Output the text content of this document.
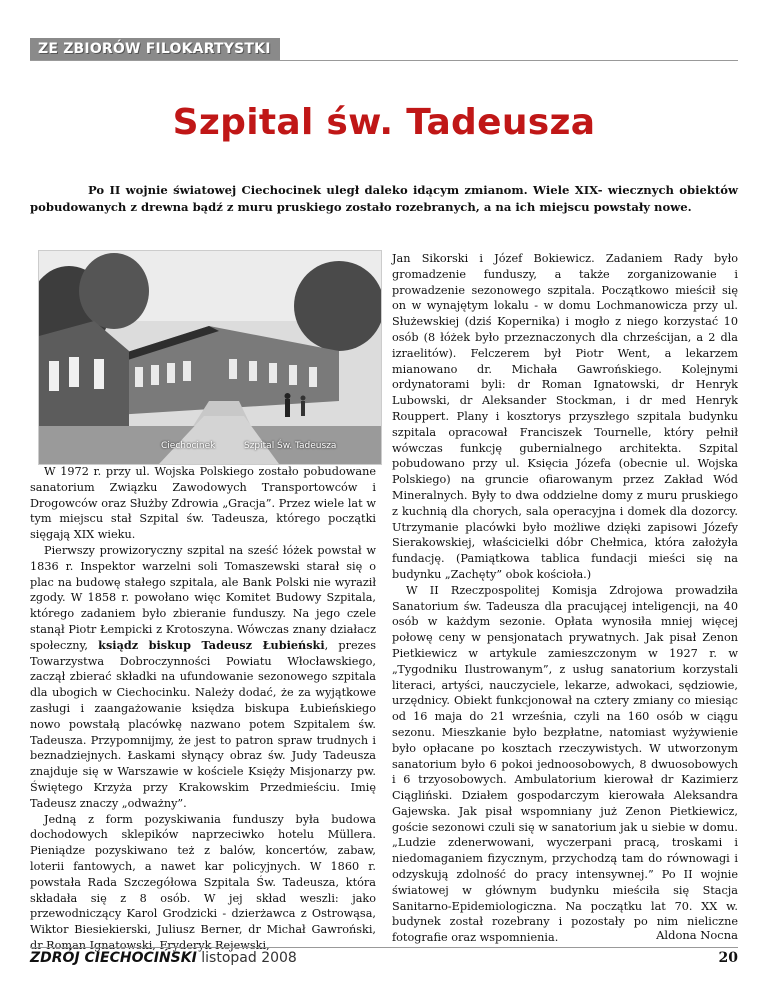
ZE ZBIORÓW FILOKARTYSTKI
Szpital św. Tadeusza

Po II wojnie światowej Ciechocinek uległ daleko idącym zmianom. Wiele XIX- wiecznych obiektów pobudowanych z drewna bądź z muru pruskiego zostało rozebranych, a na ich miejscu powstały nowe.

Ciechocinek	Szpital Św. Tadeusza

W 1972 r. przy ul. Wojska Polskiego zostało pobudowane sanatorium Związku Zawodowych Transportowców i Drogowców oraz Służby Zdrowia „Gracja”. Przez wiele lat w tym miejscu stał Szpital św. Tadeusza, którego początki sięgają XIX wieku.

Pierwszy prowizoryczny szpital na sześć łóżek powstał w 1836 r. Inspektor warzelni soli Tomaszewski starał się o plac na budowę stałego szpitala, ale Bank Polski nie wyraził zgody. W 1858 r. powołano więc Komitet Budowy Szpitala, którego zadaniem było zbieranie funduszy. Na jego czele stanął Piotr Łempicki z Krotoszyna. Wówczas znany działacz społeczny, ksiądz biskup Tadeusz Łubieński, prezes Towarzystwa Dobroczynności Powiatu Włocławskiego, zaczął zbierać składki na ufundowanie sezonowego szpitala dla ubogich w Ciechocinku. Należy dodać, że za wyjątkowe zasługi i zaangażowanie księdza biskupa Łubieńskiego nowo powstałą placówkę nazwano potem Szpitalem św. Tadeusza. Przypomnijmy, że jest to patron spraw trudnych i beznadziejnych. Łaskami słynący obraz św. Judy Tadeusza znajduje się w Warszawie w kościele Księży Misjonarzy pw. Świętego Krzyża przy Krakowskim Przedmieściu. Imię Tadeusz znaczy „odważny”.

Jedną z form pozyskiwania funduszy była budowa dochodowych sklepików naprzeciwko hotelu Müllera. Pieniądze pozyskiwano też z balów, koncertów, zabaw, loterii fantowych, a nawet kar policyjnych. W 1860 r. powstała Rada Szczegółowa Szpitala Św. Tadeusza, która składała się z 8 osób. W jej skład weszli: jako przewodniczący Karol Grodzicki - dzierżawca z Ostrowąsa, Wiktor Biesiekierski, Juliusz Berner, dr Michał Gawroński, dr Roman Ignatowski, Fryderyk Rejewski,

Jan Sikorski i Józef Bokiewicz. Zadaniem Rady było gromadzenie funduszy, a także zorganizowanie i prowadzenie sezonowego szpitala. Początkowo mieścił się on w wynajętym lokalu - w domu Lochmanowicza przy ul. Służewskiej (dziś Kopernika) i mogło z niego korzystać 10 osób (8 łóżek było przeznaczonych dla chrześcijan, a 2 dla izraelitów). Felczerem był Piotr Went, a lekarzem mianowano dr. Michała Gawrońskiego. Kolejnymi ordynatorami byli: dr Roman Ignatowski, dr Henryk Lubowski, dr Aleksander Stockman, i dr med Henryk Rouppert. Plany i kosztorys przyszłego szpitala budynku szpitala opracował Franciszek Tournelle, który pełnił wówczas funkcję gubernialnego architekta. Szpital pobudowano przy ul. Księcia Józefa (obecnie ul. Wojska Polskiego) na gruncie ofiarowanym przez Zakład Wód Mineralnych. Były to dwa oddzielne domy z muru pruskiego z kuchnią dla chorych, sala operacyjna i domek dla dozorcy. Utrzymanie placówki było możliwe dzięki zapisowi Józefy Sierakowskiej, właścicielki dóbr Chełmica, która założyła fundację. (Pamiątkowa tablica fundacji mieści się na budynku „Zachęty” obok kościoła.)

W II Rzeczpospolitej Komisja Zdrojowa prowadziła Sanatorium św. Tadeusza dla pracującej inteligencji, na 40 osób w każdym sezonie. Opłata wynosiła mniej więcej połowę ceny w pensjonatach prywatnych. Jak pisał Zenon Pietkiewicz w artykule zamieszczonym w 1927 r. w „Tygodniku Ilustrowanym”, z usług sanatorium korzystali literaci, artyści, nauczyciele, lekarze, adwokaci, sędziowie, urzędnicy. Obiekt funkcjonował na cztery zmiany co miesiąc od 16 maja do 21 września, czyli na 160 osób w ciągu sezonu. Mieszkanie było bezpłatne, natomiast wyżywienie było opłacane po kosztach rzeczywistych. W utworzonym sanatorium było 6 pokoi jednoosobowych, 8 dwuosobowych i 6 trzyosobowych. Ambulatorium kierował dr Kazimierz Ciągliński. Działem gospodarczym kierowała Aleksandra Gajewska. Jak pisał wspomniany już Zenon Pietkiewicz, goście sezonowi czuli się w sanatorium jak u siebie w domu. „Ludzie zdenerwowani, wyczerpani pracą, troskami i niedomaganiem fizycznym, przychodzą tam do równowagi i odzyskują zdolność do pracy intensywnej.” Po II wojnie światowej w głównym budynku mieściła się Stacja Sanitarno-Epidemiologiczna. Na początku lat 70. XX w. budynek został rozebrany i pozostały po nim nieliczne fotografie oraz wspomnienia.	Aldona Nocna
ZDRÓJ CIECHOCIŃSKI listopad 2008	20
